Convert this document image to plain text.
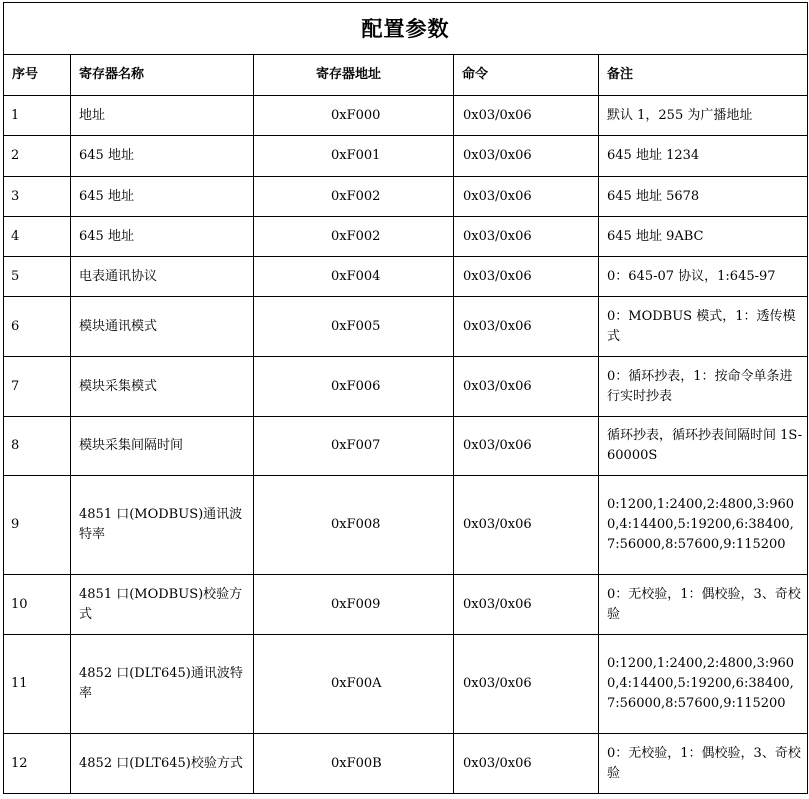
配置参数				
序号	寄存器名称	寄存器地址	命令	备注
1	地址	0xF000	0x03/0x06	默认 1，255 为广播地址
2	645 地址	0xF001	0x03/0x06	645 地址 1234
3	645 地址	0xF002	0x03/0x06	645 地址 5678
4	645 地址	0xF002	0x03/0x06	645 地址 9ABC
5	电表通讯协议	0xF004	0x03/0x06	0：645-07 协议，1:645-97
6	模块通讯模式	0xF005	0x03/0x06	0：MODBUS 模式，1：透传模式
7	模块采集模式	0xF006	0x03/0x06	0：循环抄表，1：按命令单条进行实时抄表
8	模块采集间隔时间	0xF007	0x03/0x06	循环抄表，循环抄表间隔时间 1S-60000S
9	4851 口(MODBUS)通讯波特率	0xF008	0x03/0x06	0:1200,1:2400,2:4800,3:9600,4:14400,5:19200,6:38400,7:56000,8:57600,9:115200
10	4851 口(MODBUS)校验方式	0xF009	0x03/0x06	0：无校验，1：偶校验，3、奇校验
11	4852 口(DLT645)通讯波特率	0xF00A	0x03/0x06	0:1200,1:2400,2:4800,3:9600,4:14400,5:19200,6:38400,7:56000,8:57600,9:115200
12	4852 口(DLT645)校验方式	0xF00B	0x03/0x06	0：无校验，1：偶校验，3、奇校验
